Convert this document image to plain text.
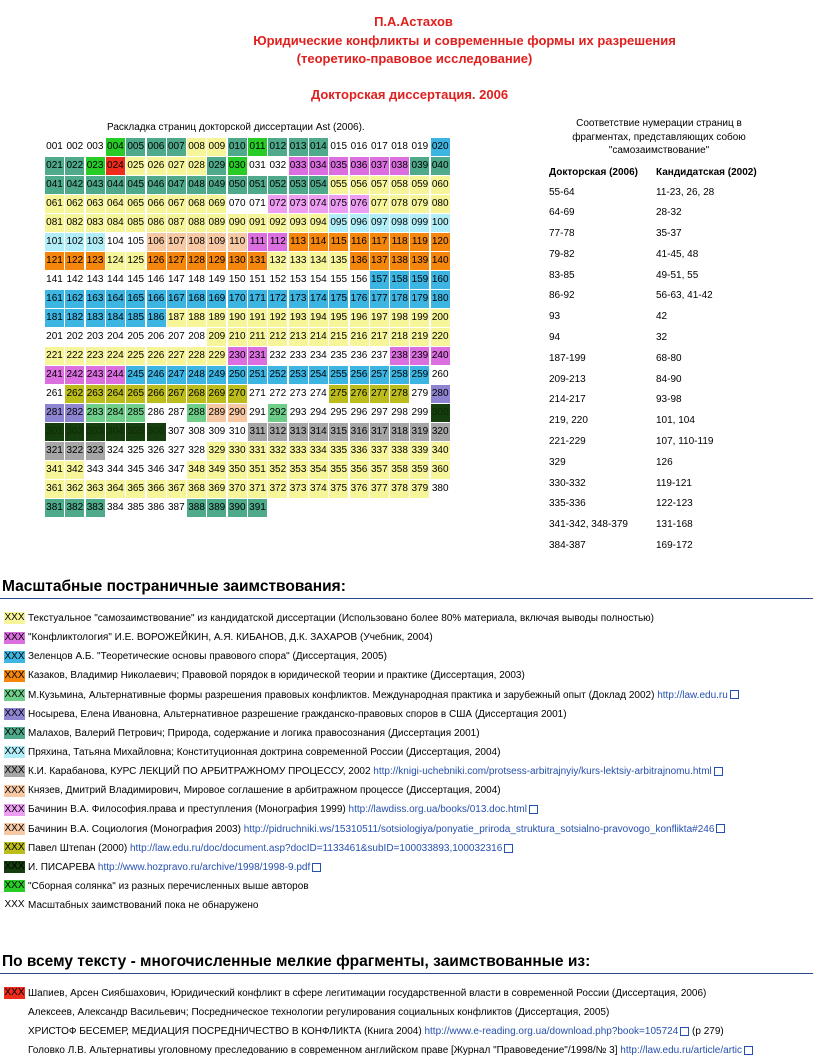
П.А.Астахов
Юридические конфликты и современные формы их разрешения
(теоретико-правовое исследование)
Докторская диссертация. 2006
Раскладка страниц докторской диссертации Ast (2006).
001 002 003 004 005 006 007 008 009 010 011 012 013 014 015 016 017 018 019 020
021 022 023 024 025 026 027 028 029 030 031 032 033 034 035 036 037 038 039 040
041 042 043 044 045 046 047 048 049 050 051 052 053 054 055 056 057 058 059 060
061 062 063 064 065 066 067 068 069 070 071 072 073 074 075 076 077 078 079 080
081 082 083 084 085 086 087 088 089 090 091 092 093 094 095 096 097 098 099 100
101 102 103 104 105 106 107 108 109 110 111 112 113 114 115 116 117 118 119 120
121 122 123 124 125 126 127 128 129 130 131 132 133 134 135 136 137 138 139 140
141 142 143 144 145 146 147 148 149 150 151 152 153 154 155 156 157 158 159 160
161 162 163 164 165 166 167 168 169 170 171 172 173 174 175 176 177 178 179 180
181 182 183 184 185 186 187 188 189 190 191 192 193 194 195 196 197 198 199 200
201 202 203 204 205 206 207 208 209 210 211 212 213 214 215 216 217 218 219 220
221 222 223 224 225 226 227 228 229 230 231 232 233 234 235 236 237 238 239 240
241 242 243 244 245 246 247 248 249 250 251 252 253 254 255 256 257 258 259 260
261 262 263 264 265 266 267 268 269 270 271 272 273 274 275 276 277 278 279 280
281 282 283 284 285 286 287 288 289 290 291 292 293 294 295 296 297 298 299 300
301 302 303 304 305 306 307 308 309 310 311 312 313 314 315 316 317 318 319 320
321 322 323 324 325 326 327 328 329 330 331 332 333 334 335 336 337 338 339 340
341 342 343 344 345 346 347 348 349 350 351 352 353 354 355 356 357 358 359 360
361 362 363 364 365 366 367 368 369 370 371 372 373 374 375 376 377 378 379 380
381 382 383 384 385 386 387 388 389 390 391
Соответствие нумерации страниц в фрагментах, представляющих собою "самозаимствование"
Докторская (2006)	Кандидатская (2002)
55-64	11-23, 26, 28
64-69	28-32
77-78	35-37
79-82	41-45, 48
83-85	49-51, 55
86-92	56-63, 41-42
93	42
94	32
187-199	68-80
209-213	84-90
214-217	93-98
219, 220	101, 104
221-229	107, 110-119
329	126
330-332	119-121
335-336	122-123
341-342, 348-379	131-168
384-387	169-172
Масштабные постраничные заимствования:
XXX Текстуальное "самозаимствование" из кандидатской диссертации (Использовано более 80% материала, включая выводы полностью)
XXX "Конфликтология" И.Е. ВОРОЖЕЙКИН, А.Я. КИБАНОВ, Д.К. ЗАХАРОВ (Учебник, 2004)
XXX Зеленцов А.Б. "Теоретические основы правового спора" (Диссертация, 2005)
XXX Казаков, Владимир Николаевич; Правовой порядок в юридической теории и практике (Диссертация, 2003)
XXX М.Кузьмина, Альтернативные формы разрешения правовых конфликтов. Международная практика и зарубежный опыт (Доклад 2002) http://law.edu.ru
XXX Носырева, Елена Ивановна, Альтернативное разрешение гражданско-правовых споров в США (Диссертация 2001)
XXX Малахов, Валерий Петрович; Природа, содержание и логика правосознания (Диссертация 2001)
XXX Пряхина, Татьяна Михайловна; Конституционная доктрина современной России (Диссертация, 2004)
XXX К.И. Карабанова, КУРС ЛЕКЦИЙ ПО АРБИТРАЖНОМУ ПРОЦЕССУ, 2002 http://knigi-uchebniki.com/protsess-arbitrajnyiy/kurs-lektsiy-arbitrajnomu.html
XXX Князев, Дмитрий Владимирович, Мировое соглашение в арбитражном процессе (Диссертация, 2004)
XXX Бачинин В.А. Философия.права и преступления (Монография 1999) http://lawdiss.org.ua/books/013.doc.html
XXX Бачинин В.А. Социология (Монография 2003) http://pidruchniki.ws/15310511/sotsiologiya/ponyatie_priroda_struktura_sotsialno-pravovogo_konflikta#246
XXX Павел Штепан (2000) http://law.edu.ru/doc/document.asp?docID=1133461&subID=100033893,100032316
XXX И. ПИСАРЕВА http://www.hozpravo.ru/archive/1998/1998-9.pdf
XXX "Сборная солянка" из разных перечисленных выше авторов
XXX Масштабных заимствований пока не обнаружено
По всему тексту - многочисленные мелкие фрагменты, заимствованные из:
XXX Шапиев, Арсен Сиябшахович, Юридический конфликт в сфере легитимации государственной власти в современной России (Диссертация, 2006)
Алексеев, Александр Васильевич; Посредническое технологии регулирования социальных конфликтов (Диссертация, 2005)
ХРИСТОФ БЕСЕМЕР, МЕДИАЦИЯ ПОСРЕДНИЧЕСТВО В КОНФЛИКТА (Книга 2004) http://www.e-reading.org.ua/download.php?book=105724 (р 279)
Головко Л.В. Альтернативы уголовному преследованию в современном английском праве [Журнал "Правоведение"/1998/№ 3] http://law.edu.ru/article/artic
